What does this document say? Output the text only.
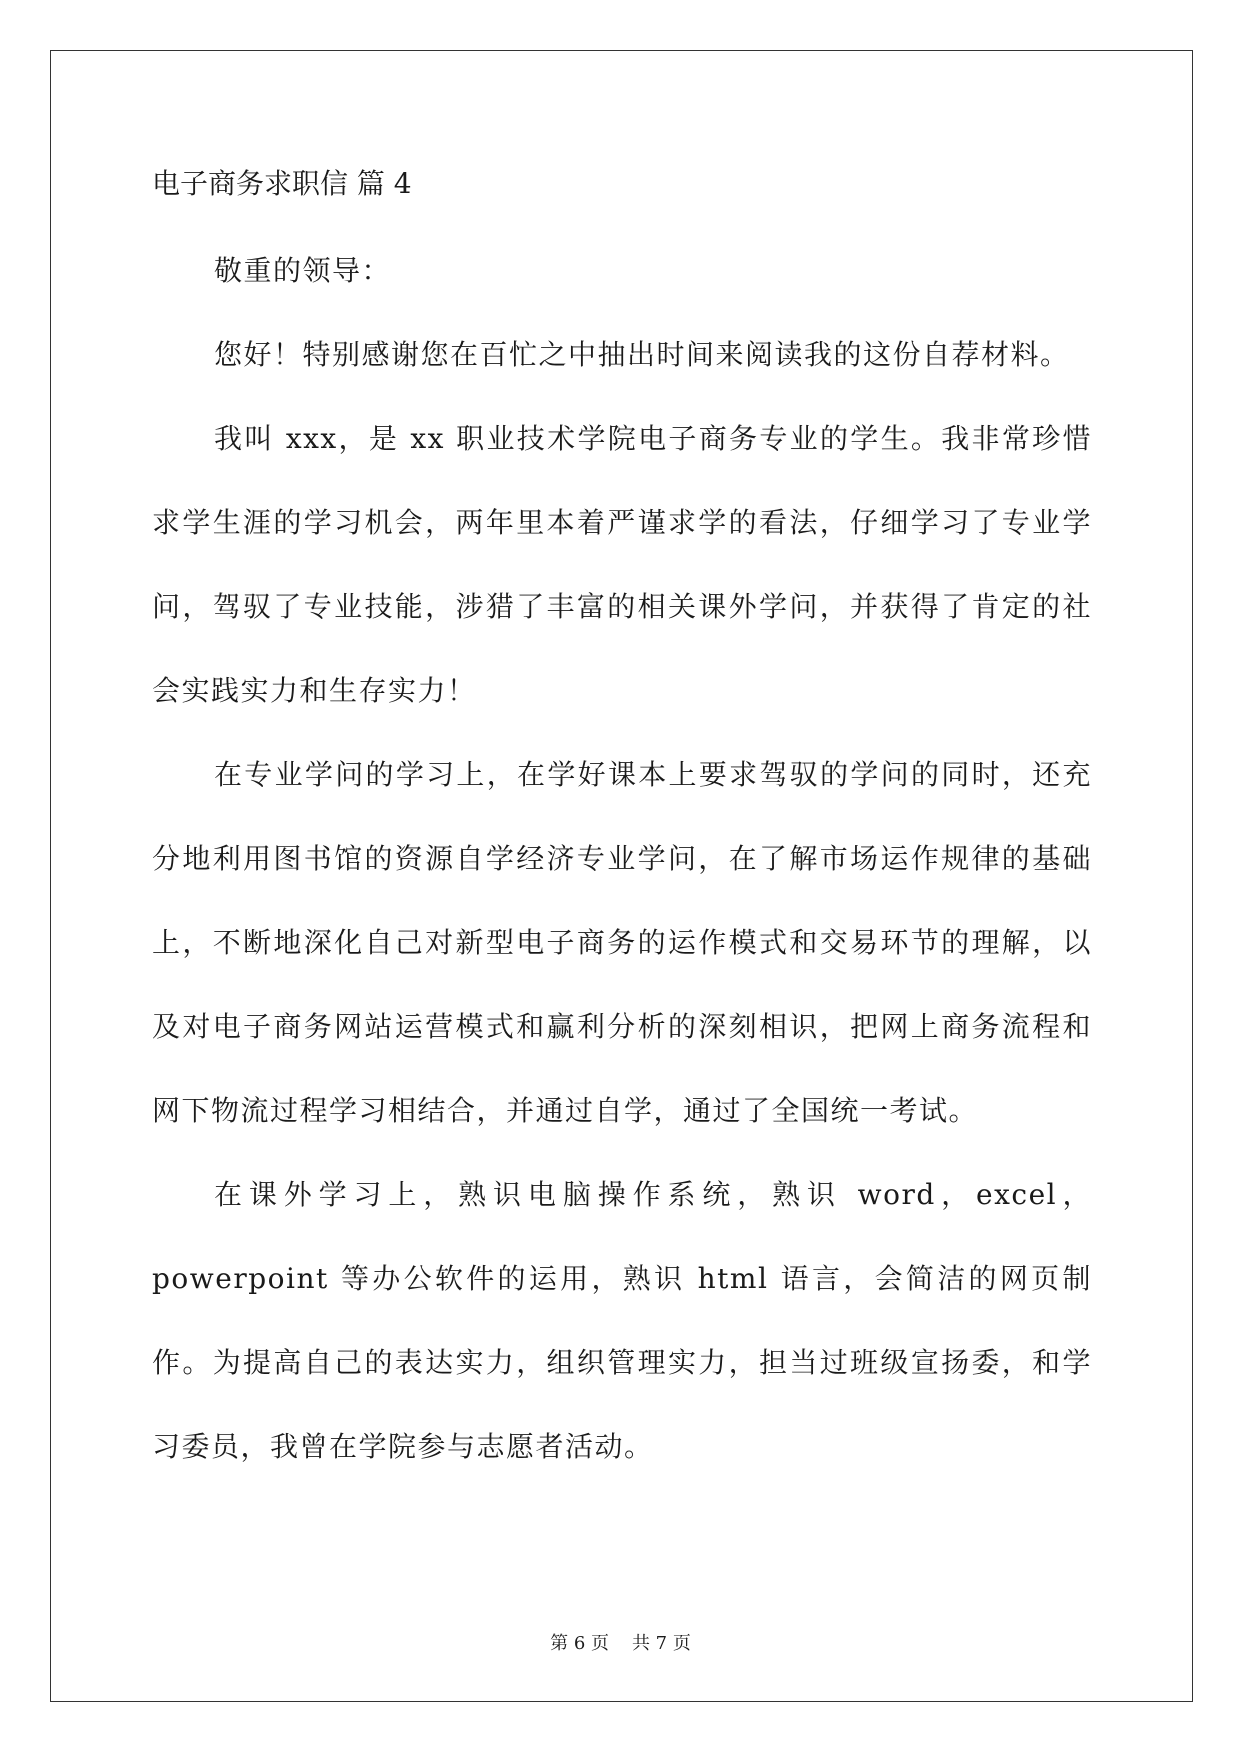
电子商务求职信 篇 4

敬重的领导：

您好！特别感谢您在百忙之中抽出时间来阅读我的这份自荐材料。

我叫 xxx，是 xx 职业技术学院电子商务专业的学生。我非常珍惜求学生涯的学习机会，两年里本着严谨求学的看法，仔细学习了专业学问，驾驭了专业技能，涉猎了丰富的相关课外学问，并获得了肯定的社会实践实力和生存实力！

在专业学问的学习上，在学好课本上要求驾驭的学问的同时，还充分地利用图书馆的资源自学经济专业学问，在了解市场运作规律的基础上，不断地深化自己对新型电子商务的运作模式和交易环节的理解，以及对电子商务网站运营模式和赢利分析的深刻相识，把网上商务流程和网下物流过程学习相结合，并通过自学，通过了全国统一考试。

在课外学习上，熟识电脑操作系统，熟识 word，excel，powerpoint 等办公软件的运用，熟识 html 语言，会简洁的网页制作。为提高自己的表达实力，组织管理实力，担当过班级宣扬委，和学习委员，我曾在学院参与志愿者活动。

第 6 页    共 7 页
